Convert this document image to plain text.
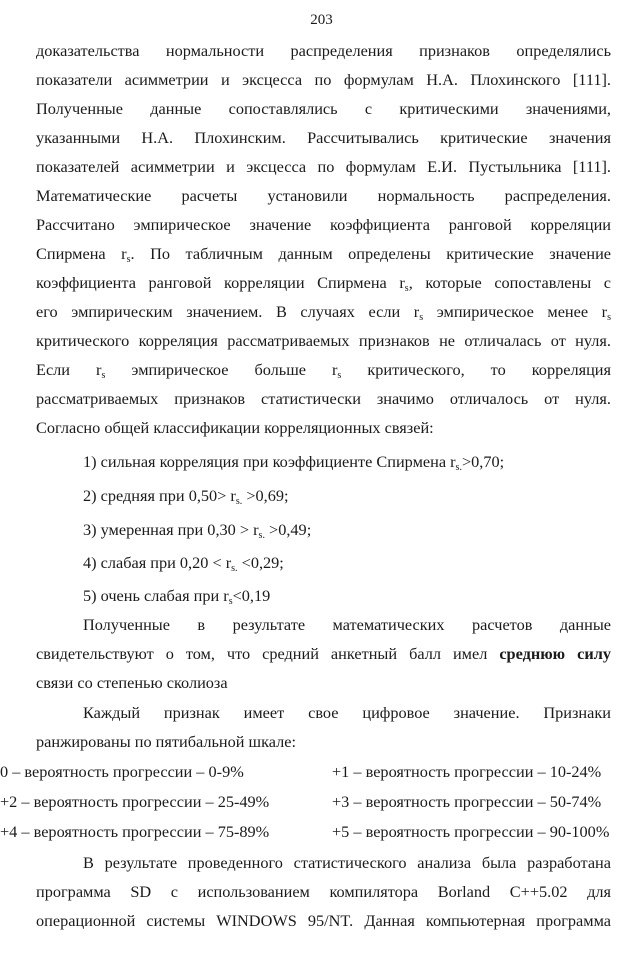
203
доказательства нормальности распределения признаков определялись
показатели асимметрии и эксцесса по формулам Н.А. Плохинского [111].
Полученные данные сопоставлялись с критическими значениями,
указанными Н.А. Плохинским. Рассчитывались критические значения
показателей асимметрии и эксцесса по формулам Е.И. Пустыльника [111].
Математические расчеты установили нормальность распределения.
Рассчитано эмпирическое значение коэффициента ранговой корреляции
Спирмена $r_s$. По табличным данным определены критические значение
коэффициента ранговой корреляции Спирмена $r_s$, которые сопоставлены с
его эмпирическим значением. В случаях если $r_s$ эмпирическое менее $r_s$
критического корреляция рассматриваемых признаков не отличалась от нуля.
Если $r_s$ эмпирическое больше $r_s$ критического, то корреляция
рассматриваемых признаков статистически значимо отличалось от нуля.
Согласно общей классификации корреляционных связей:
1) сильная корреляция при коэффициенте Спирмена $r_{s.}>0,70$;
2) средняя при $0,50> r_{s.} >0,69$;
3) умеренная при $0,30 > r_{s.} >0,49$;
4) слабая при $0,20 < r_{s.} <0,29$;
5) очень слабая при $r_s<0,19$
Полученные в результате математических расчетов данные
свидетельствуют о том, что средний анкетный балл имел среднюю силу
связи со степенью сколиоза
Каждый признак имеет свое цифровое значение. Признаки
ранжированы по пятибальной шкале:
0 – вероятность прогрессии – 0-9%	+1 – вероятность прогрессии – 10-24%
+2 – вероятность прогрессии – 25-49%	+3 – вероятность прогрессии – 50-74%
+4 – вероятность прогрессии – 75-89%	+5 – вероятность прогрессии – 90-100%
В результате проведенного статистического анализа была разработана
программа SD с использованием компилятора Borland С++5.02 для
операционной системы WINDOWS 95/NT. Данная компьютерная программа
